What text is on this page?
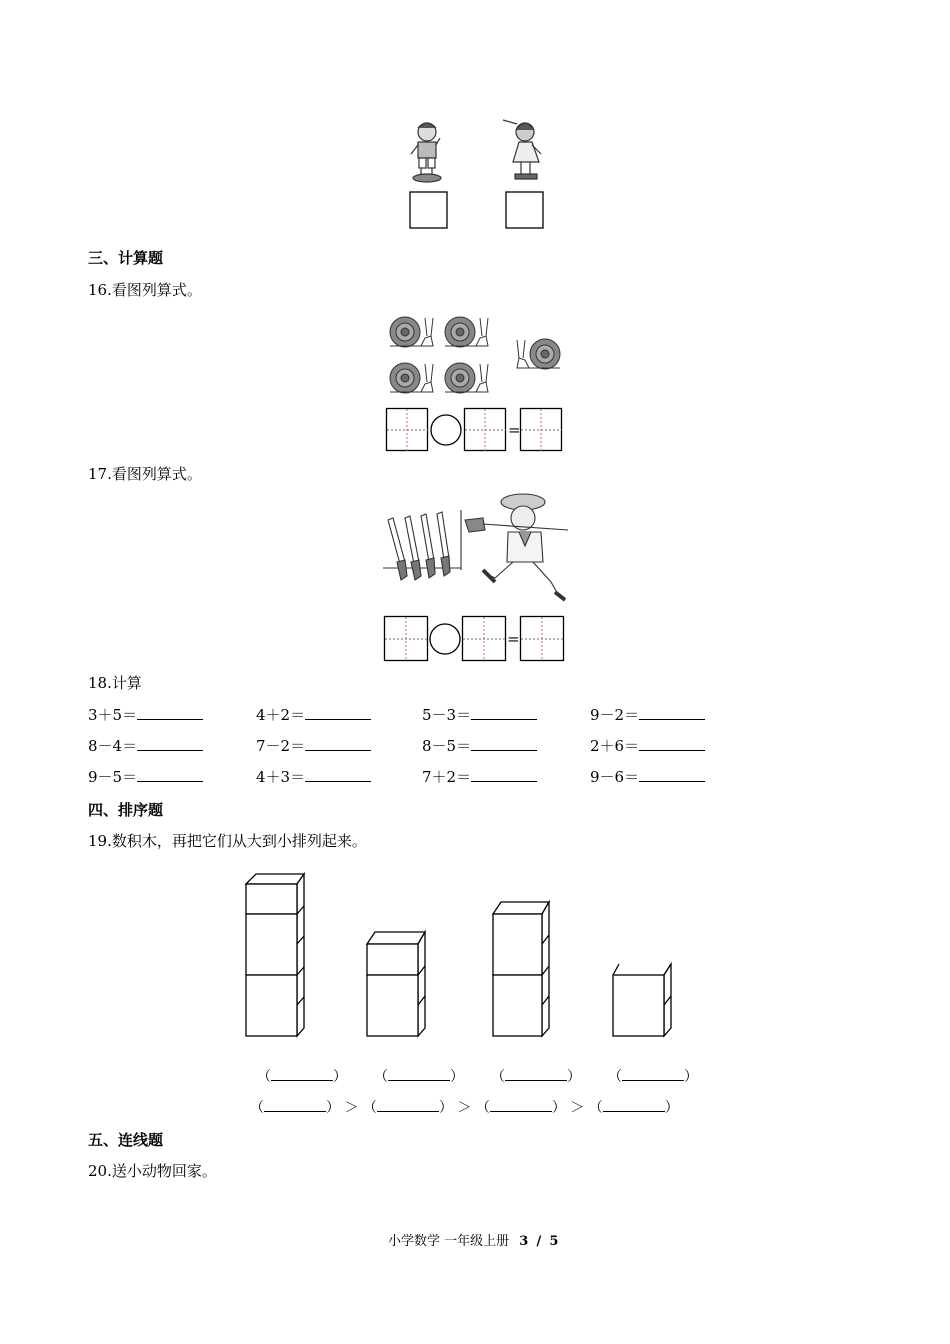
三、计算题
16.看图列算式。
=
17.看图列算式。
=
18.计算
3＋5＝	4＋2＝	5－3＝	9－2＝
8－4＝	7－2＝	8－5＝	2＋6＝
9－5＝	4＋3＝	7＋2＝	9－6＝
四、排序题
19.数积木，再把它们从大到小排列起来。
（	） （	） （	） （	）
（	） ＞ （	） ＞ （	） ＞ （	）
五、连线题
20.送小动物回家。
小学数学 一年级上册 3 / 5
